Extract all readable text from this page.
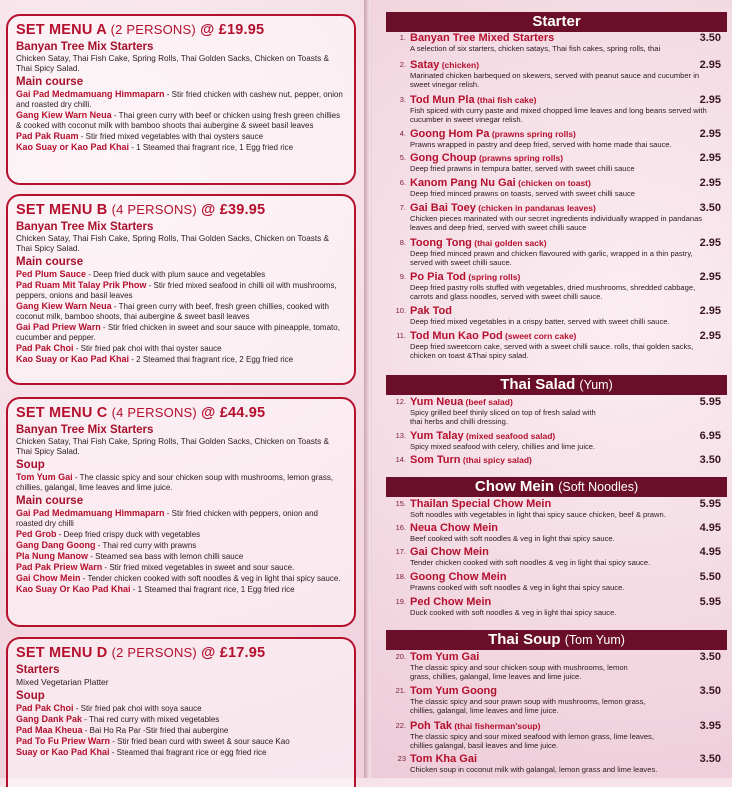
SET MENU A (2 PERSONS) @ £19.95
Banyan Tree Mix Starters
Chicken Satay, Thai Fish Cake, Spring Rolls, Thai Golden Sacks, Chicken on Toasts & Thai Spicy Salad.
Main course
Gai Pad Medmamuang Himmaparn - Stir fried chicken with cashew nut, pepper, onion and roasted dry chilli.
Gang Kiew Warn Neua - Thai green curry with beef or chicken using fresh green chillies & cooked with coconut milk with bamboo shoots thai aubergine & sweet basil leaves
Pad Pak Ruam - Stir fried mixed vegetables with thai oysters sauce
Kao Suay or Kao Pad Khai - 1 Steamed thai fragrant rice, 1 Egg fried rice
SET MENU B (4 PERSONS) @ £39.95
Banyan Tree Mix Starters
Chicken Satay, Thai Fish Cake, Spring Rolls, Thai Golden Sacks, Chicken on Toasts & Thai Spicy Salad.
Main course
Ped Plum Sauce - Deep fried duck with plum sauce and vegetables
Pad Ruam Mit Talay Prik Phow - Stir fried mixed seafood in chilli oil with mushrooms, peppers, onions and basil leaves
Gang Kiew Warn Neua - Thai green curry with beef, fresh green chillies, cooked with coconut milk, bamboo shoots, thai aubergine & sweet basil leaves
Gai Pad Priew Warn - Stir fried chicken in sweet and sour sauce with pineapple, tomato, cucumber and pepper.
Pad Pak Choi - Stir fried pak choi with thai oyster sauce
Kao Suay or Kao Pad Khai - 2 Steamed thai fragrant rice, 2 Egg fried rice
SET MENU C (4 PERSONS) @ £44.95
Banyan Tree Mix Starters
Chicken Satay, Thai Fish Cake, Spring Rolls, Thai Golden Sacks, Chicken on Toasts & Thai Spicy Salad.
Soup
Tom Yum Gai - The classic spicy and sour chicken soup with mushrooms, lemon grass, chillies, galangal, lime leaves and lime juice.
Main course
Gai Pad Medmamuang Himmaparn - Stir fried chicken with peppers, onion and roasted dry chilli
Ped Grob - Deep fried crispy duck with vegetables
Gang Dang Goong - Thai red curry with prawns
Pla Nung Manow - Steamed sea bass with lemon chilli sauce
Pad Pak Priew Warn - Stir fried mixed vegetables in sweet and sour sauce.
Gai Chow Mein - Tender chicken cooked with soft noodles & veg in light thai spicy sauce.
Kao Suay Or Kao Pad Khai - 1 Steamed thai fragrant rice, 1 Egg fried rice
SET MENU D (2 PERSONS) @ £17.95
Starters
Mixed Vegetarian Platter
Soup
Pad Pak Choi - Stir fried pak choi with soya sauce
Gang Dank Pak - Thai red curry with mixed vegetables
Pad Maa Kheua - Bai Ho Ra Par -Stir fried thai aubergine
Pad To Fu Priew Warn - Stir fried bean curd with sweet & sour sauce Kao
Suay or Kao Pad Khai - Steamed thai fragrant rice or egg fried rice
Starter
1. Banyan Tree Mixed Starters	3.50
A selection of six starters, chicken satays, Thai fish cakes, spring rolls, thai
2. Satay (chicken)	2.95
Marinated chicken barbequed on skewers, served with peanut sauce and cucumber in sweet vinegar relish.
3. Tod Mun Pla (thai fish cake)	2.95
Fish spiced with curry paste and mixed chopped lime leaves and long beans served with cucumber in sweet vinegar relish.
4. Goong Hom Pa (prawns spring rolls)	2.95
Prawns wrapped in pastry and deep fried, served with home made thai sauce.
5. Gong Choup (prawns spring rolls)	2.95
Deep fried prawns in tempura batter, served with sweet chilli sauce
6. Kanom Pang Nu Gai (chicken on toast)	2.95
Deep fried minced prawns on toasts, served with sweet chilli sauce
7. Gai Bai Toey (chicken in pandanas leaves)	3.50
Chicken pieces marinated with our secret ingredients individually wrapped in pandanas leaves and deep fried, served with sweet chilli sauce
8. Toong Tong (thai golden sack)	2.95
Deep fried minced prawn and chicken flavoured with garlic, wrapped in a thin pastry, served with sweet chilli sauce.
9. Po Pia Tod (spring rolls)	2.95
Deep fried pastry rolls stuffed with vegetables, dried mushrooms, shredded cabbage, carrots and glass noodles, served with sweet chilli sauce.
10. Pak Tod	2.95
Deep fried mixed vegetables in a crispy batter, served with sweet chilli sauce.
11. Tod Mun Kao Pod (sweet corn cake)	2.95
Deep fried sweetcorn cake, served with a sweet chilli sauce. rolls, thai golden sacks, chicken on toast &Thai spicy salad.
Thai Salad (Yum)
12. Yum Neua (beef salad)	5.95
Spicy grilled beef thinly sliced on top of fresh salad with thai herbs and chilli dressing.
13. Yum Talay (mixed seafood salad)	6.95
Spicy mixed seafood with celery, chillies and lime juice.
14. Som Turn (thai spicy salad)	3.50
Chow Mein (Soft Noodles)
15. Thailan Special Chow Mein	5.95
Soft noodles with vegetables in light thai spicy sauce chicken, beef & prawn.
16. Neua Chow Mein	4.95
Beef cooked with soft noodles & veg in light thai spicy sauce.
17. Gai Chow Mein	4.95
Tender chicken cooked with soft noodles & veg in light thai spicy sauce.
18. Goong Chow Mein	5.50
Prawns cooked with soft noodles & veg in light thai spicy sauce.
19. Ped Chow Mein	5.95
Duck cooked with soft noodles & veg in light thai spicy sauce.
Thai Soup (Tom Yum)
20. Tom Yum Gai	3.50
The classic spicy and sour chicken soup with mushrooms, lemon grass, chillies, galangal, lime leaves and lime juice.
21. Tom Yum Goong	3.50
The classic spicy and sour prawn soup with mushrooms, lemon grass, chillies, galangal, lime leaves and lime juice.
22. Poh Tak (thai fisherman'soup)	3.95
The classic spicy and sour mixed seafood with lemon grass, lime leaves, chillies galangal, basil leaves and lime juice.
23 Tom Kha Gai	3.50
Chicken soup in coconut milk with galangal, lemon grass and lime leaves.
